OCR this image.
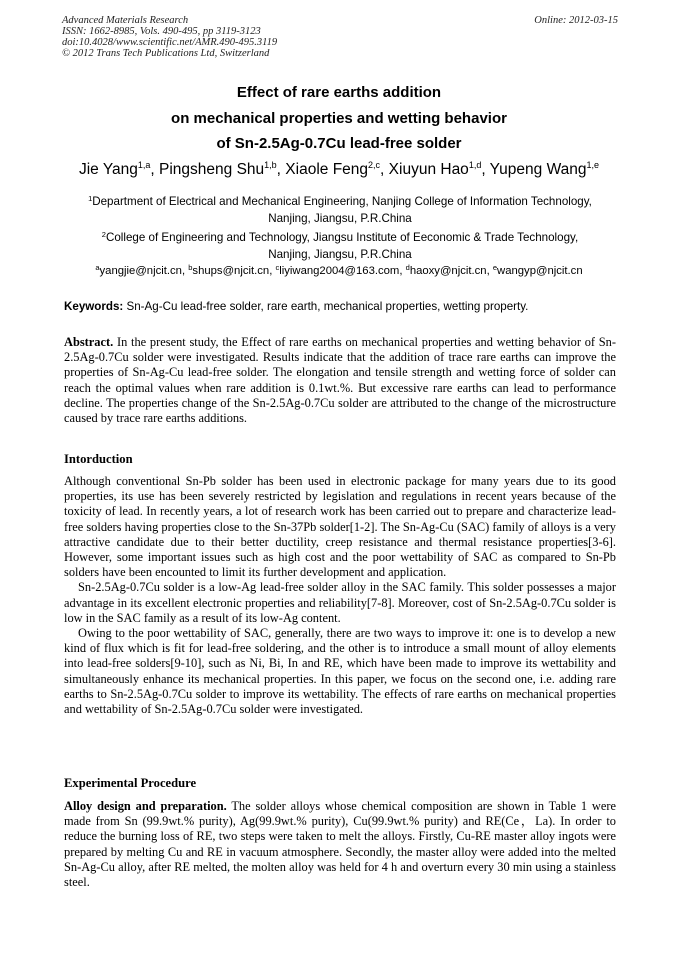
Advanced Materials Research
ISSN: 1662-8985, Vols. 490-495, pp 3119-3123
doi:10.4028/www.scientific.net/AMR.490-495.3119
© 2012 Trans Tech Publications Ltd, Switzerland
Online: 2012-03-15
Effect of rare earths addition
on mechanical properties and wetting behavior
of Sn-2.5Ag-0.7Cu lead-free solder
Jie Yang$^{1,a}$, Pingsheng Shu$^{1,b}$, Xiaole Feng$^{2,c}$, Xiuyun Hao$^{1,d}$, Yupeng Wang$^{1,e}$
$^1$Department of Electrical and Mechanical Engineering, Nanjing College of Information Technology,
Nanjing, Jiangsu, P.R.China
$^2$College of Engineering and Technology, Jiangsu Institute of Eeconomic & Trade Technology,
Nanjing, Jiangsu, P.R.China
$^a$yangjie@njcit.cn, $^b$shups@njcit.cn, $^c$liyiwang2004@163.com, $^d$haoxy@njcit.cn, $^e$wangyp@njcit.cn
Keywords: Sn-Ag-Cu lead-free solder, rare earth, mechanical properties, wetting property.

Abstract. In the present study, the Effect of rare earths on mechanical properties and wetting behavior of Sn-2.5Ag-0.7Cu solder were investigated. Results indicate that the addition of trace rare earths can improve the properties of Sn-Ag-Cu lead-free solder. The elongation and tensile strength and wetting force of solder can reach the optimal values when rare addition is 0.1wt.%. But excessive rare earths can lead to performance decline. The properties change of the Sn-2.5Ag-0.7Cu solder are attributed to the change of the microstructure caused by trace rare earths additions.

Intorduction

Although conventional Sn-Pb solder has been used in electronic package for many years due to its good properties, its use has been severely restricted by legislation and regulations in recent years because of the toxicity of lead. In recently years, a lot of research work has been carried out to prepare and characterize lead-free solders having properties close to the Sn-37Pb solder[1-2]. The Sn-Ag-Cu (SAC) family of alloys is a very attractive candidate due to their better ductility, creep resistance and thermal resistance properties[3-6]. However, some important issues such as high cost and the poor wettability of SAC as compared to Sn-Pb solders have been encounted to limit its further development and application.

Sn-2.5Ag-0.7Cu solder is a low-Ag lead-free solder alloy in the SAC family. This solder possesses a major advantage in its excellent electronic properties and reliability[7-8]. Moreover, cost of Sn-2.5Ag-0.7Cu solder is low in the SAC family as a result of its low-Ag content.

Owing to the poor wettability of SAC, generally, there are two ways to improve it: one is to develop a new kind of flux which is fit for lead-free soldering, and the other is to introduce a small mount of alloy elements into lead-free solders[9-10], such as Ni, Bi, In and RE, which have been made to improve its wettability and simultaneously enhance its mechanical properties. In this paper, we focus on the second one, i.e. adding rare earths to Sn-2.5Ag-0.7Cu solder to improve its wettability. The effects of rare earths on mechanical properties and wettability of Sn-2.5Ag-0.7Cu solder were investigated.

Experimental Procedure

Alloy design and preparation. The solder alloys whose chemical composition are shown in Table 1 were made from Sn (99.9wt.% purity), Ag(99.9wt.% purity), Cu(99.9wt.% purity) and RE(Ce，La). In order to reduce the burning loss of RE, two steps were taken to melt the alloys. Firstly, Cu-RE master alloy ingots were prepared by melting Cu and RE in vacuum atmosphere. Secondly, the master alloy were added into the melted Sn-Ag-Cu alloy, after RE melted, the molten alloy was held for 4 h and overturn every 30 min using a stainless steel.
